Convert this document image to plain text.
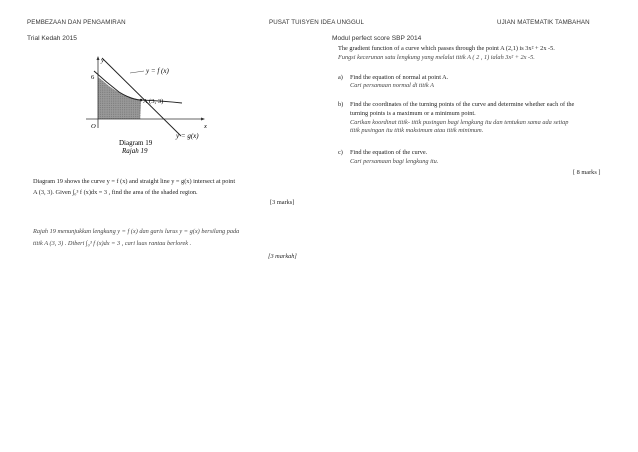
PEMBEZAAN DAN PENGAMIRAN	PUSAT TUISYEN IDEA UNGGUL	UJIAN MATEMATIK TAMBAHAN
Trial Kedah 2015
y = f (x)
A (3, 3)
y = g(x)
6
O	x
y
Diagram 19
Rajah 19
Diagram 19 shows the curve y = f (x) and straight line y = g(x) intersect at point
A (3, 3). Given ∫₀³ f (x)dx = 3 , find the area of the shaded region.
[3 marks]
Rajah 19 menunjukkan lengkung y = f (x) dan garis lurus y = g(x) bersilang pada
titik A (3, 3) . Diberi ∫₀³ f (x)dx = 3 , cari luas rantau berlorek .
[3 markah]
Modul perfect score SBP 2014
The gradient function of a curve which passes through the point A (2,1) is 3x² + 2x -5.
Fungsi kecerunan satu lengkung yang melalui titik A ( 2 , 1) ialah 3x² + 2x -5.
a) Find the equation of normal at point A.
Cari persamaan normal di titik A
b) Find the coordinates of the turning points of the curve and determine whether each of the
turning points is a maximum or a minimum point.
Carikan koordinat titik- titik pusingan bagi lengkung itu dan tentukan sama ada setiap
titik pusingan itu titik maksimum atau titik minimum.
c) Find the equation of the curve.
Cari persamaan bagi lengkung itu.
[ 8 marks ]
